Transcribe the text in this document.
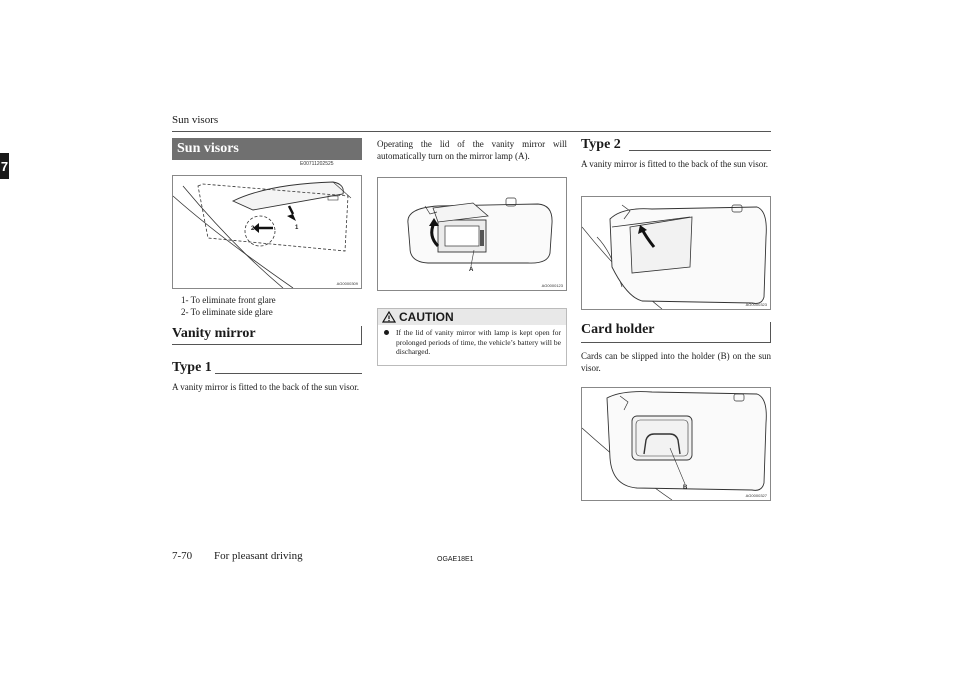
Sun visors
7
Sun visors
E00711202525
2	1
AG0000309
1- To eliminate front glare
2- To eliminate side glare
Vanity mirror
Type 1
A vanity mirror is fitted to the back of the sun visor.
Operating the lid of the vanity mirror will automatically turn on the mirror lamp (A).
A
AG0000123
CAUTION
If the lid of vanity mirror with lamp is kept open for prolonged periods of time, the vehicle’s battery will be discharged.
Type 2
A vanity mirror is fitted to the back of the sun visor.
AG0000323
Card holder
Cards can be slipped into the holder (B) on the sun visor.
B
AG0000327
7-70 For pleasant driving	OGAE18E1
